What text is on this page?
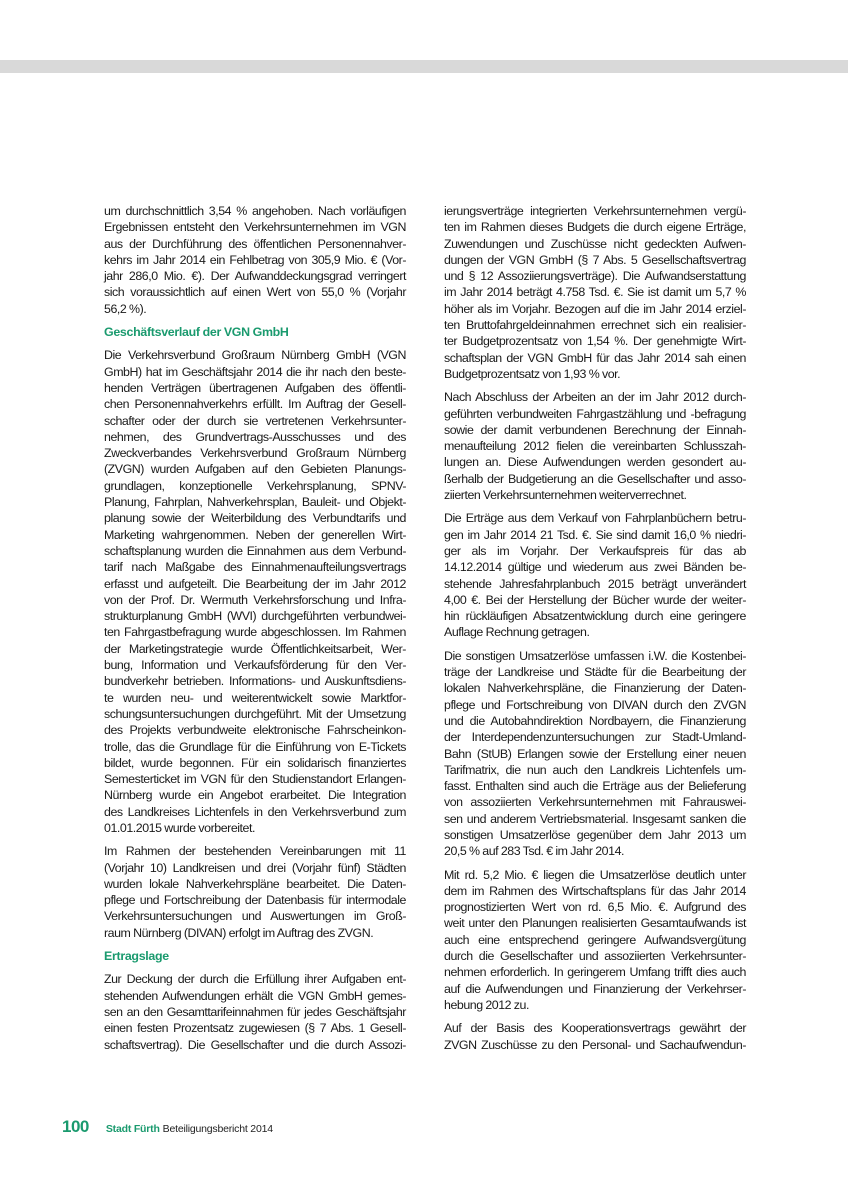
um durchschnittlich 3,54 % angehoben. Nach vorläufigen
Ergebnissen entsteht den Verkehrsunternehmen im VGN
aus der Durchführung des öffentlichen Personennahver-
kehrs im Jahr 2014 ein Fehlbetrag von 305,9 Mio. € (Vor-
jahr 286,0 Mio. €). Der Aufwanddeckungsgrad verringert
sich voraussichtlich auf einen Wert von 55,0 % (Vorjahr
56,2 %).
Geschäftsverlauf der VGN GmbH
Die Verkehrsverbund Großraum Nürnberg GmbH (VGN
GmbH) hat im Geschäftsjahr 2014 die ihr nach den beste-
henden Verträgen übertragenen Aufgaben des öffentli-
chen Personennahverkehrs erfüllt. Im Auftrag der Gesell-
schafter oder der durch sie vertretenen Verkehrsunter-
nehmen, des Grundvertrags-Ausschusses und des
Zweckverbandes Verkehrsverbund Großraum Nürnberg
(ZVGN) wurden Aufgaben auf den Gebieten Planungs-
grundlagen, konzeptionelle Verkehrsplanung, SPNV-
Planung, Fahrplan, Nahverkehrsplan, Bauleit- und Objekt-
planung sowie der Weiterbildung des Verbundtarifs und
Marketing wahrgenommen. Neben der generellen Wirt-
schaftsplanung wurden die Einnahmen aus dem Verbund-
tarif nach Maßgabe des Einnahmenaufteilungsvertrags
erfasst und aufgeteilt. Die Bearbeitung der im Jahr 2012
von der Prof. Dr. Wermuth Verkehrsforschung und Infra-
strukturplanung GmbH (WVI) durchgeführten verbundwei-
ten Fahrgastbefragung wurde abgeschlossen. Im Rahmen
der Marketingstrategie wurde Öffentlichkeitsarbeit, Wer-
bung, Information und Verkaufsförderung für den Ver-
bundverkehr betrieben. Informations- und Auskunftsdiens-
te wurden neu- und weiterentwickelt sowie Marktfor-
schungsuntersuchungen durchgeführt. Mit der Umsetzung
des Projekts verbundweite elektronische Fahrscheinkon-
trolle, das die Grundlage für die Einführung von E-Tickets
bildet, wurde begonnen. Für ein solidarisch finanziertes
Semesterticket im VGN für den Studienstandort Erlangen-
Nürnberg wurde ein Angebot erarbeitet. Die Integration
des Landkreises Lichtenfels in den Verkehrsverbund zum
01.01.2015 wurde vorbereitet.
Im Rahmen der bestehenden Vereinbarungen mit 11
(Vorjahr 10) Landkreisen und drei (Vorjahr fünf) Städten
wurden lokale Nahverkehrspläne bearbeitet. Die Daten-
pflege und Fortschreibung der Datenbasis für intermodale
Verkehrsuntersuchungen und Auswertungen im Groß-
raum Nürnberg (DIVAN) erfolgt im Auftrag des ZVGN.
Ertragslage
Zur Deckung der durch die Erfüllung ihrer Aufgaben ent-
stehenden Aufwendungen erhält die VGN GmbH gemes-
sen an den Gesamttarifeinnahmen für jedes Geschäftsjahr
einen festen Prozentsatz zugewiesen (§ 7 Abs. 1 Gesell-
schaftsvertrag). Die Gesellschafter und die durch Assozi-
ierungsverträge integrierten Verkehrsunternehmen vergü-
ten im Rahmen dieses Budgets die durch eigene Erträge,
Zuwendungen und Zuschüsse nicht gedeckten Aufwen-
dungen der VGN GmbH (§ 7 Abs. 5 Gesellschaftsvertrag
und § 12 Assoziierungsverträge). Die Aufwandserstattung
im Jahr 2014 beträgt 4.758 Tsd. €. Sie ist damit um 5,7 %
höher als im Vorjahr. Bezogen auf die im Jahr 2014 erziel-
ten Bruttofahrgeldeinnahmen errechnet sich ein realisier-
ter Budgetprozentsatz von 1,54 %. Der genehmigte Wirt-
schaftsplan der VGN GmbH für das Jahr 2014 sah einen
Budgetprozentsatz von 1,93 % vor.
Nach Abschluss der Arbeiten an der im Jahr 2012 durch-
geführten verbundweiten Fahrgastzählung und -befragung
sowie der damit verbundenen Berechnung der Einnah-
menaufteilung 2012 fielen die vereinbarten Schlusszah-
lungen an. Diese Aufwendungen werden gesondert au-
ßerhalb der Budgetierung an die Gesellschafter und asso-
ziierten Verkehrsunternehmen weiterverrechnet.
Die Erträge aus dem Verkauf von Fahrplanbüchern betru-
gen im Jahr 2014 21 Tsd. €. Sie sind damit 16,0 % niedri-
ger als im Vorjahr. Der Verkaufspreis für das ab
14.12.2014 gültige und wiederum aus zwei Bänden be-
stehende Jahresfahrplanbuch 2015 beträgt unverändert
4,00 €. Bei der Herstellung der Bücher wurde der weiter-
hin rückläufigen Absatzentwicklung durch eine geringere
Auflage Rechnung getragen.
Die sonstigen Umsatzerlöse umfassen i.W. die Kostenbei-
träge der Landkreise und Städte für die Bearbeitung der
lokalen Nahverkehrspläne, die Finanzierung der Daten-
pflege und Fortschreibung von DIVAN durch den ZVGN
und die Autobahndirektion Nordbayern, die Finanzierung
der Interdependenzuntersuchungen zur Stadt-Umland-
Bahn (StUB) Erlangen sowie der Erstellung einer neuen
Tarifmatrix, die nun auch den Landkreis Lichtenfels um-
fasst. Enthalten sind auch die Erträge aus der Belieferung
von assoziierten Verkehrsunternehmen mit Fahrauswei-
sen und anderem Vertriebsmaterial. Insgesamt sanken die
sonstigen Umsatzerlöse gegenüber dem Jahr 2013 um
20,5 % auf 283 Tsd. € im Jahr 2014.
Mit rd. 5,2 Mio. € liegen die Umsatzerlöse deutlich unter
dem im Rahmen des Wirtschaftsplans für das Jahr 2014
prognostizierten Wert von rd. 6,5 Mio. €. Aufgrund des
weit unter den Planungen realisierten Gesamtaufwands ist
auch eine entsprechend geringere Aufwandsvergütung
durch die Gesellschafter und assoziierten Verkehrsunter-
nehmen erforderlich. In geringerem Umfang trifft dies auch
auf die Aufwendungen und Finanzierung der Verkehrser-
hebung 2012 zu.
Auf der Basis des Kooperationsvertrags gewährt der
ZVGN Zuschüsse zu den Personal- und Sachaufwendun-
100 Stadt Fürth Beteiligungsbericht 2014
